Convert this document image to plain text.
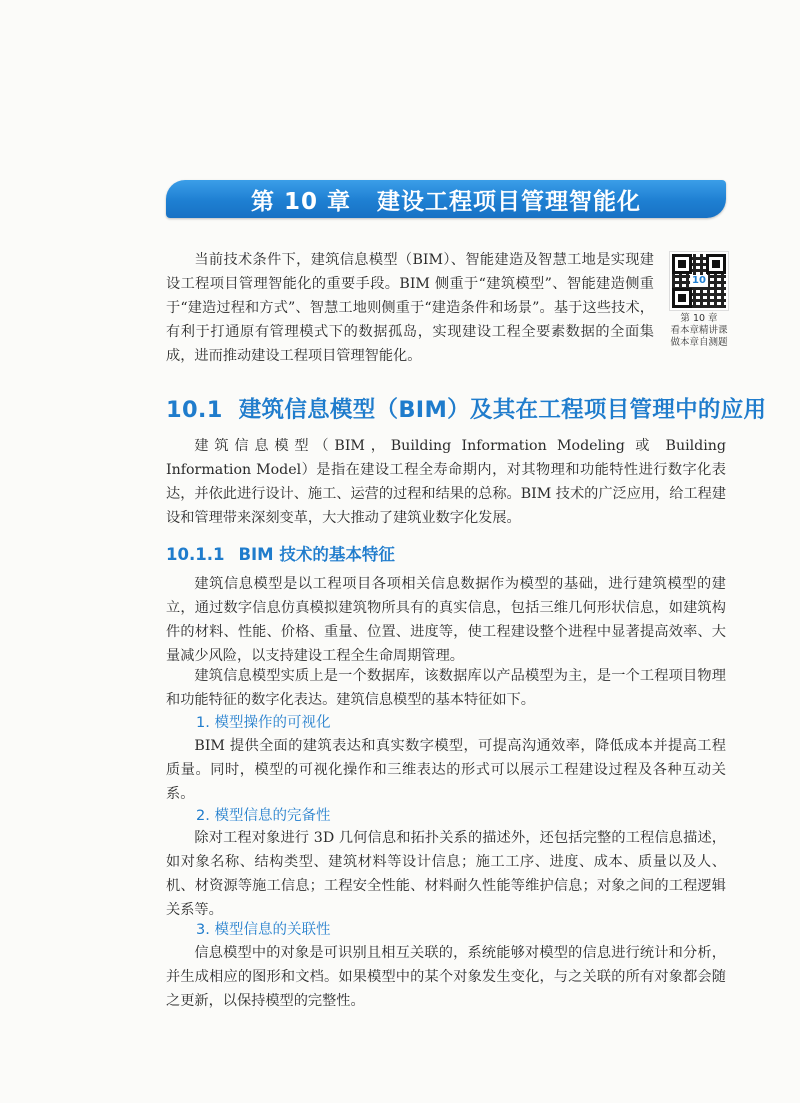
第 10 章 建设工程项目管理智能化

当前技术条件下，建筑信息模型（BIM）、智能建造及智慧工地是实现建设工程项目管理智能化的重要手段。BIM 侧重于“建筑模型”、智能建造侧重于“建造过程和方式”、智慧工地则侧重于“建造条件和场景”。基于这些技术，有利于打通原有管理模式下的数据孤岛，实现建设工程全要素数据的全面集成，进而推动建设工程项目管理智能化。

10
第 10 章
看本章精讲课
做本章自测题
10.1 建筑信息模型（BIM）及其在工程项目管理中的应用

建筑信息模型（BIM，Building Information Modeling 或 Building Information Model）是指在建设工程全寿命期内，对其物理和功能特性进行数字化表达，并依此进行设计、施工、运营的过程和结果的总称。BIM 技术的广泛应用，给工程建设和管理带来深刻变革，大大推动了建筑业数字化发展。

10.1.1 BIM 技术的基本特征

建筑信息模型是以工程项目各项相关信息数据作为模型的基础，进行建筑模型的建立，通过数字信息仿真模拟建筑物所具有的真实信息，包括三维几何形状信息，如建筑构件的材料、性能、价格、重量、位置、进度等，使工程建设整个进程中显著提高效率、大量减少风险，以支持建设工程全生命周期管理。

建筑信息模型实质上是一个数据库，该数据库以产品模型为主，是一个工程项目物理和功能特征的数字化表达。建筑信息模型的基本特征如下。

1. 模型操作的可视化

BIM 提供全面的建筑表达和真实数字模型，可提高沟通效率，降低成本并提高工程质量。同时，模型的可视化操作和三维表达的形式可以展示工程建设过程及各种互动关系。

2. 模型信息的完备性

除对工程对象进行 3D 几何信息和拓扑关系的描述外，还包括完整的工程信息描述，如对象名称、结构类型、建筑材料等设计信息；施工工序、进度、成本、质量以及人、机、材资源等施工信息；工程安全性能、材料耐久性能等维护信息；对象之间的工程逻辑关系等。

3. 模型信息的关联性

信息模型中的对象是可识别且相互关联的，系统能够对模型的信息进行统计和分析，并生成相应的图形和文档。如果模型中的某个对象发生变化，与之关联的所有对象都会随之更新，以保持模型的完整性。
